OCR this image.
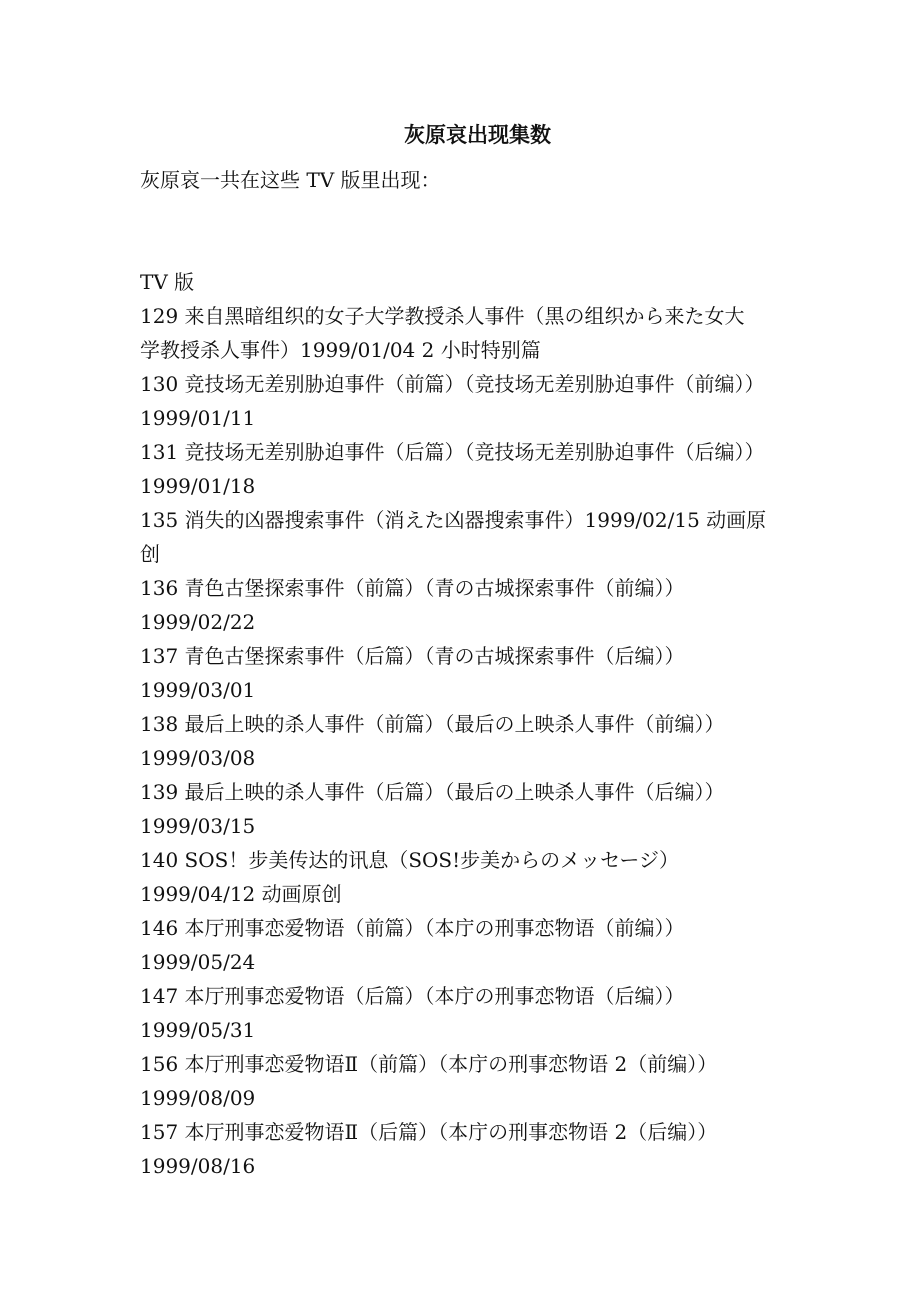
灰原哀出现集数

灰原哀一共在这些 TV 版里出现：

TV 版

129 来自黑暗组织的女子大学教授杀人事件（黒の组织から来た女大
学教授杀人事件）1999/01/04 2 小时特别篇
130 竞技场无差别胁迫事件（前篇）（竞技场无差别胁迫事件（前编））
1999/01/11
131 竞技场无差别胁迫事件（后篇）（竞技场无差别胁迫事件（后编））
1999/01/18
135 消失的凶器搜索事件（消えた凶器搜索事件）1999/02/15 动画原
创
136 青色古堡探索事件（前篇）（青の古城探索事件（前编））
1999/02/22
137 青色古堡探索事件（后篇）（青の古城探索事件（后编））
1999/03/01
138 最后上映的杀人事件（前篇）（最后の上映杀人事件（前编））
1999/03/08
139 最后上映的杀人事件（后篇）（最后の上映杀人事件（后编））
1999/03/15
140 SOS！步美传达的讯息（SOS!步美からのメッセージ）
1999/04/12 动画原创
146 本厅刑事恋爱物语（前篇）（本庁の刑事恋物语（前编））
1999/05/24
147 本厅刑事恋爱物语（后篇）（本庁の刑事恋物语（后编））
1999/05/31
156 本厅刑事恋爱物语Ⅱ（前篇）（本庁の刑事恋物语 2（前编））
1999/08/09
157 本厅刑事恋爱物语Ⅱ（后篇）（本庁の刑事恋物语 2（后编））
1999/08/16
